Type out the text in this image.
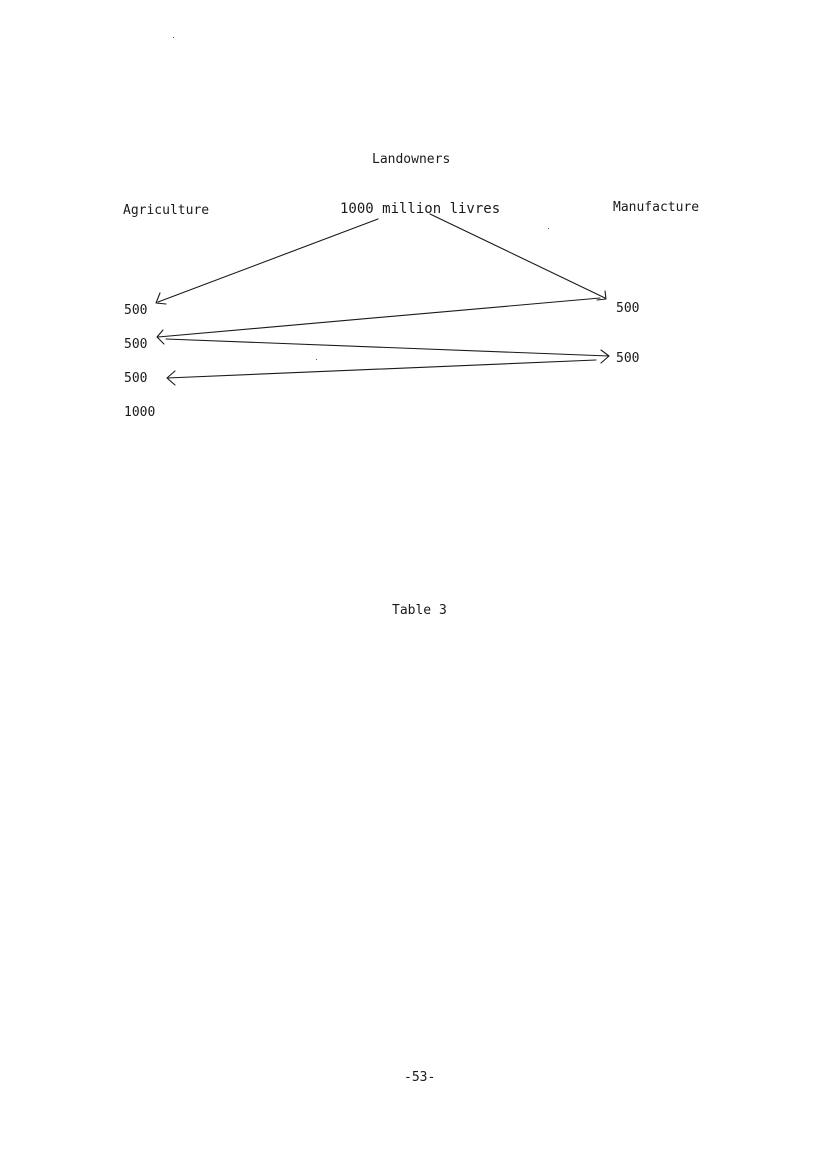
Landowners
Agriculture	1000 million livres	Manufacture
500
500
500
1000
500
500
Table 3
-53-
